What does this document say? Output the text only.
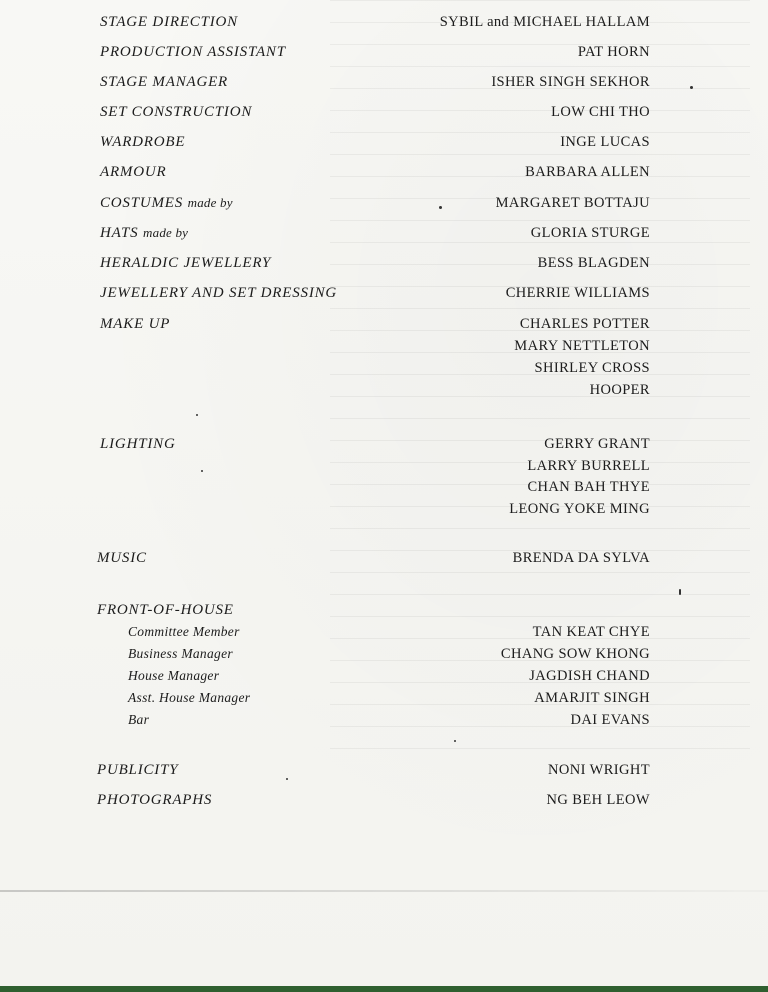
STAGE DIRECTION	SYBIL and MICHAEL HALLAM
PRODUCTION ASSISTANT	PAT HORN
STAGE MANAGER	ISHER SINGH SEKHOR
SET CONSTRUCTION	LOW CHI THO
WARDROBE	INGE LUCAS
ARMOUR	BARBARA ALLEN
COSTUMES made by	MARGARET BOTTAJU
HATS made by	GLORIA STURGE
HERALDIC JEWELLERY	BESS BLAGDEN
JEWELLERY AND SET DRESSING	CHERRIE WILLIAMS
MAKE UP	CHARLES POTTER
MARY NETTLETON
SHIRLEY CROSS
HOOPER
LIGHTING	GERRY GRANT
LARRY BURRELL
CHAN BAH THYE
LEONG YOKE MING
MUSIC	BRENDA DA SYLVA
FRONT-OF-HOUSE
Committee Member	TAN KEAT CHYE
Business Manager	CHANG SOW KHONG
House Manager	JAGDISH CHAND
Asst. House Manager	AMARJIT SINGH
Bar	DAI EVANS
PUBLICITY	NONI WRIGHT
PHOTOGRAPHS	NG BEH LEOW
